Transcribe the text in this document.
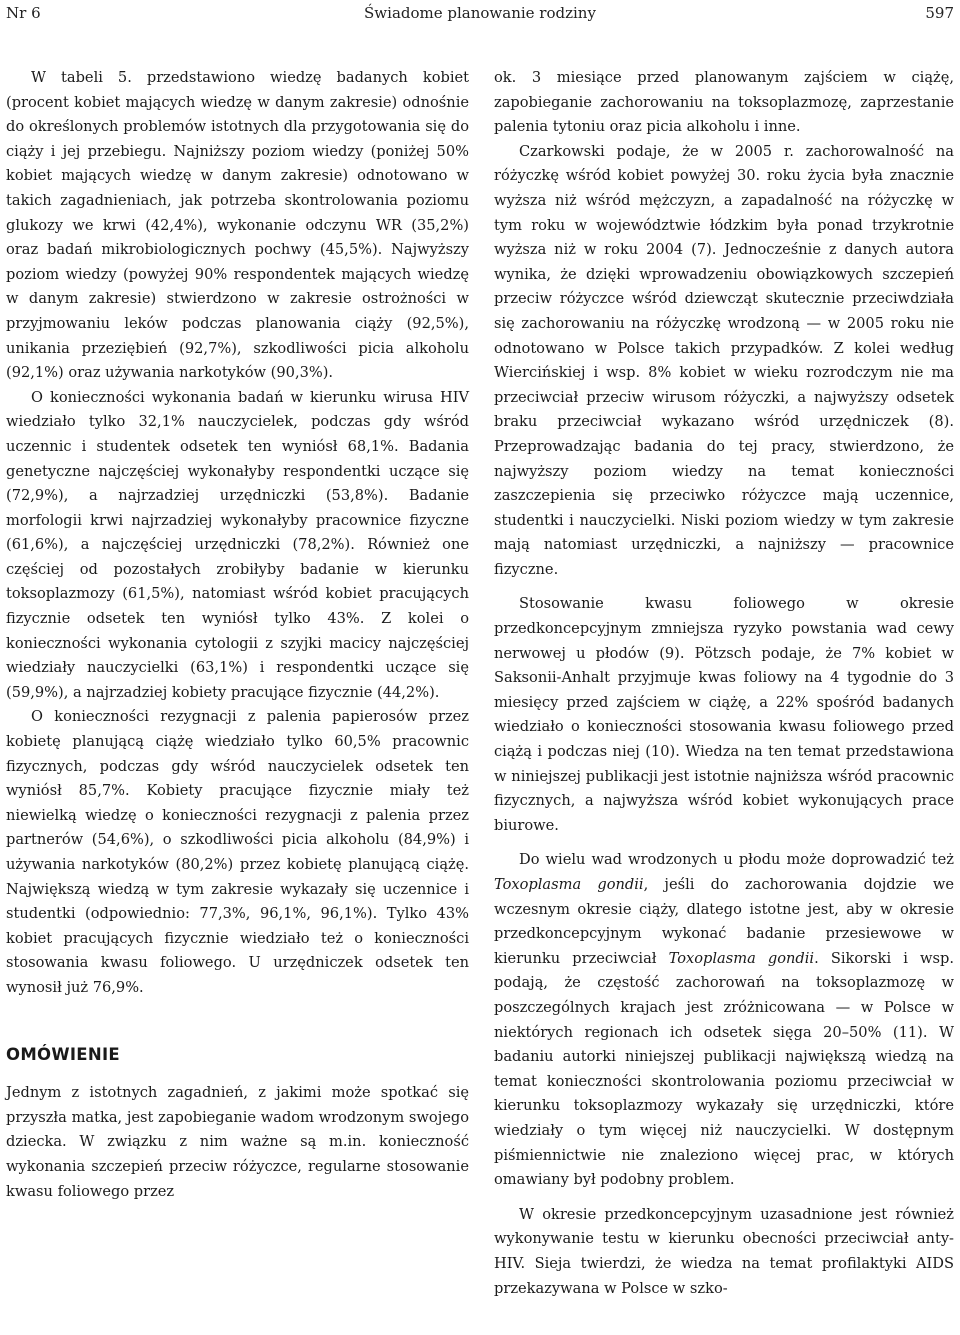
Nr 6	Świadome planowanie rodziny	597

W tabeli 5. przedstawiono wiedzę badanych kobiet (procent kobiet mających wiedzę w danym zakresie) odnośnie do określonych problemów istotnych dla przygotowania się do ciąży i jej przebiegu. Najniższy poziom wiedzy (poniżej 50% kobiet mających wiedzę w danym zakresie) odnotowano w takich zagadnieniach, jak potrzeba skontrolowania poziomu glukozy we krwi (42,4%), wykonanie odczynu WR (35,2%) oraz badań mikrobiologicznych pochwy (45,5%). Najwyższy poziom wiedzy (powyżej 90% respondentek mających wiedzę w danym zakresie) stwierdzono w zakresie ostrożności w przyjmowaniu leków podczas planowania ciąży (92,5%), unikania przeziębień (92,7%), szkodliwości picia alkoholu (92,1%) oraz używania narkotyków (90,3%).

O konieczności wykonania badań w kierunku wirusa HIV wiedziało tylko 32,1% nauczycielek, podczas gdy wśród uczennic i studentek odsetek ten wyniósł 68,1%. Badania genetyczne najczęściej wykonałyby respondentki uczące się (72,9%), a najrzadziej urzędniczki (53,8%). Badanie morfologii krwi najrzadziej wykonałyby pracownice fizyczne (61,6%), a najczęściej urzędniczki (78,2%). Również one częściej od pozostałych zrobiłyby badanie w kierunku toksoplazmozy (61,5%), natomiast wśród kobiet pracujących fizycznie odsetek ten wyniósł tylko 43%. Z kolei o konieczności wykonania cytologii z szyjki macicy najczęściej wiedziały nauczycielki (63,1%) i respondentki uczące się (59,9%), a najrzadziej kobiety pracujące fizycznie (44,2%).

O konieczności rezygnacji z palenia papierosów przez kobietę planującą ciążę wiedziało tylko 60,5% pracownic fizycznych, podczas gdy wśród nauczycielek odsetek ten wyniósł 85,7%. Kobiety pracujące fizycznie miały też niewielką wiedzę o konieczności rezygnacji z palenia przez partnerów (54,6%), o szkodliwości picia alkoholu (84,9%) i używania narkotyków (80,2%) przez kobietę planującą ciążę. Największą wiedzą w tym zakresie wykazały się uczennice i studentki (odpowiednio: 77,3%, 96,1%, 96,1%). Tylko 43% kobiet pracujących fizycznie wiedziało też o konieczności stosowania kwasu foliowego. U urzędniczek odsetek ten wynosił już 76,9%.

OMÓWIENIE

Jednym z istotnych zagadnień, z jakimi może spotkać się przyszła matka, jest zapobieganie wadom wrodzonym swojego dziecka. W związku z nim ważne są m.in. konieczność wykonania szczepień przeciw różyczce, regularne stosowanie kwasu foliowego przez

ok. 3 miesiące przed planowanym zajściem w ciążę, zapobieganie zachorowaniu na toksoplazmozę, zaprzestanie palenia tytoniu oraz picia alkoholu i inne.

Czarkowski podaje, że w 2005 r. zachorowalność na różyczkę wśród kobiet powyżej 30. roku życia była znacznie wyższa niż wśród mężczyzn, a zapadalność na różyczkę w tym roku w województwie łódzkim była ponad trzykrotnie wyższa niż w roku 2004 (7). Jednocześnie z danych autora wynika, że dzięki wprowadzeniu obowiązkowych szczepień przeciw różyczce wśród dziewcząt skutecznie przeciwdziała się zachorowaniu na różyczkę wrodzoną — w 2005 roku nie odnotowano w Polsce takich przypadków. Z kolei według Wiercińskiej i wsp. 8% kobiet w wieku rozrodczym nie ma przeciwciał przeciw wirusom różyczki, a najwyższy odsetek braku przeciwciał wykazano wśród urzędniczek (8). Przeprowadzając badania do tej pracy, stwierdzono, że najwyższy poziom wiedzy na temat konieczności zaszczepienia się przeciwko różyczce mają uczennice, studentki i nauczycielki. Niski poziom wiedzy w tym zakresie mają natomiast urzędniczki, a najniższy — pracownice fizyczne.

Stosowanie kwasu foliowego w okresie przedkoncepcyjnym zmniejsza ryzyko powstania wad cewy nerwowej u płodów (9). Pötzsch podaje, że 7% kobiet w Saksonii-Anhalt przyjmuje kwas foliowy na 4 tygodnie do 3 miesięcy przed zajściem w ciążę, a 22% spośród badanych wiedziało o konieczności stosowania kwasu foliowego przed ciążą i podczas niej (10). Wiedza na ten temat przedstawiona w niniejszej publikacji jest istotnie najniższa wśród pracownic fizycznych, a najwyższa wśród kobiet wykonujących prace biurowe.

Do wielu wad wrodzonych u płodu może doprowadzić też Toxoplasma gondii, jeśli do zachorowania dojdzie we wczesnym okresie ciąży, dlatego istotne jest, aby w okresie przedkoncepcyjnym wykonać badanie przesiewowe w kierunku przeciwciał Toxoplasma gondii. Sikorski i wsp. podają, że częstość zachorowań na toksoplazmozę w poszczególnych krajach jest zróżnicowana — w Polsce w niektórych regionach ich odsetek sięga 20–50% (11). W badaniu autorki niniejszej publikacji największą wiedzą na temat konieczności skontrolowania poziomu przeciwciał w kierunku toksoplazmozy wykazały się urzędniczki, które wiedziały o tym więcej niż nauczycielki. W dostępnym piśmiennictwie nie znaleziono więcej prac, w których omawiany był podobny problem.

W okresie przedkoncepcyjnym uzasadnione jest również wykonywanie testu w kierunku obecności przeciwciał anty-HIV. Sieja twierdzi, że wiedza na temat profilaktyki AIDS przekazywana w Polsce w szko-
